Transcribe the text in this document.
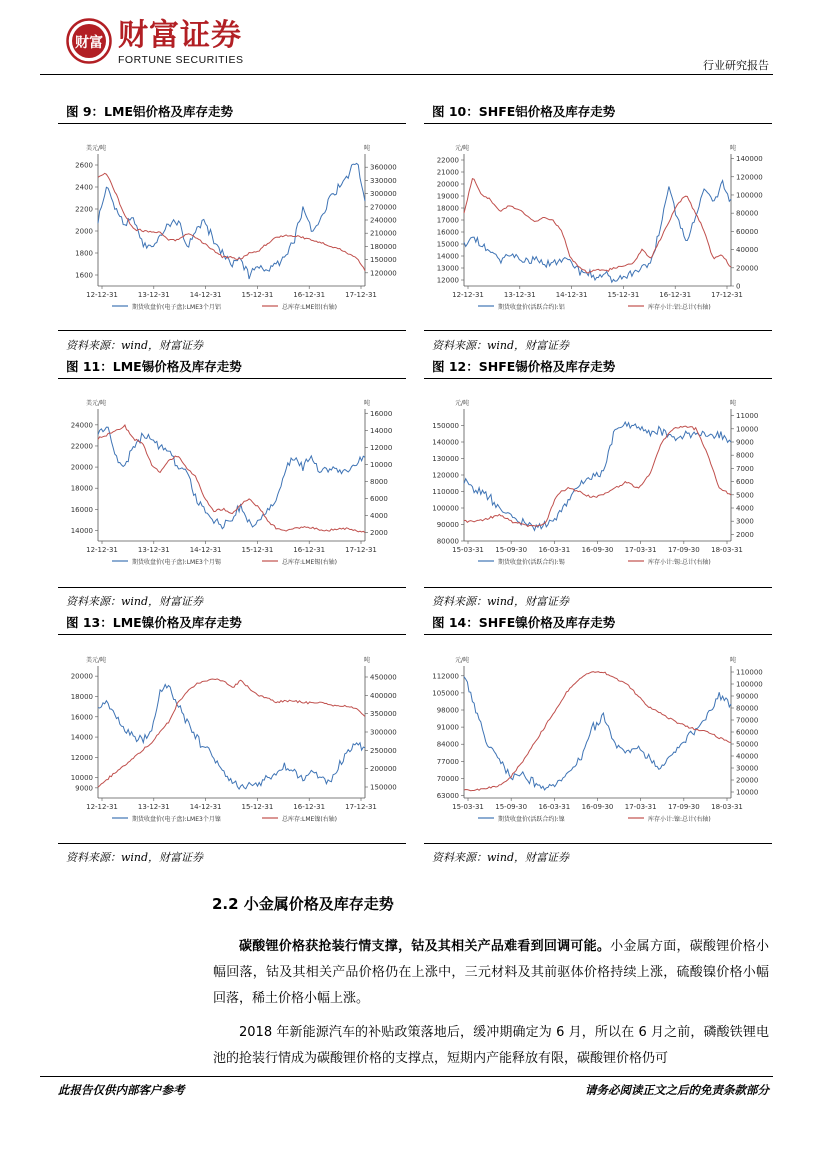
财富 财富证券
FORTUNE SECURITIES	行业研究报告
图 9：LME铝价格及库存走势	图 10：SHFE铝价格及库存走势
资料来源：wind，财富证券	资料来源：wind，财富证券
图 11：LME锡价格及库存走势	图 12：SHFE锡价格及库存走势
资料来源：wind，财富证券	资料来源：wind，财富证券
图 13：LME镍价格及库存走势	图 14：SHFE镍价格及库存走势
资料来源：wind，财富证券	资料来源：wind，财富证券
美元/吨	吨
1600
1800
2000
2200
2400
2600
120000
150000
180000
210000
240000
270000
300000
330000
360000
12-12-31	13-12-31	14-12-31	15-12-31	16-12-31	17-12-31
期货收盘价(电子盘):LME3个月铝	总库存:LME铝(右轴)
元/吨	吨
12000
13000
14000
15000
16000
17000
18000
19000
20000
21000
22000
0
20000
40000
60000
80000
100000
120000
140000
12-12-31	13-12-31	14-12-31	15-12-31	16-12-31	17-12-31
期货收盘价(活跃合约):铝	库存小计:铝:总计(右轴)
美元/吨	吨
14000
16000
18000
20000
22000
24000
2000
4000
6000
8000
10000
12000
14000
16000
12-12-31	13-12-31	14-12-31	15-12-31	16-12-31	17-12-31
期货收盘价(电子盘):LME3个月锡	总库存:LME锡(右轴)
元/吨	吨
80000
90000
100000
110000
120000
130000
140000
150000
2000
3000
4000
5000
6000
7000
8000
9000
10000
11000
15-03-31 15-09-30 16-03-31 16-09-30 17-03-31 17-09-30 18-03-31
期货收盘价(活跃合约):锡	库存小计:锡:总计(右轴)
美元/吨	吨
9000
10000
12000
14000
16000
18000
20000
150000
200000
250000
300000
350000
400000
450000
12-12-31	13-12-31	14-12-31	15-12-31	16-12-31	17-12-31
期货收盘价(电子盘):LME3个月镍	总库存:LME镍(右轴)
元/吨	吨
63000
70000
77000
84000
91000
98000
105000
112000
10000
20000
30000
40000
50000
60000
70000
80000
90000
100000
110000
15-03-31 15-09-30 16-03-31 16-09-30 17-03-31 17-09-30 18-03-31
期货收盘价(活跃合约):镍	库存小计:镍:总计(右轴)
2.2 小金属价格及库存走势
碳酸锂价格获抢装行情支撑，钴及其相关产品难看到回调可能。小金属方面，碳酸锂价格小幅回落，钴及其相关产品价格仍在上涨中，三元材料及其前驱体价格持续上涨，硫酸镍价格小幅回落，稀土价格小幅上涨。
2018 年新能源汽车的补贴政策落地后，缓冲期确定为 6 月，所以在 6 月之前，磷酸铁锂电池的抢装行情成为碳酸锂价格的支撑点，短期内产能释放有限，碳酸锂价格仍可
此报告仅供内部客户参考	请务必阅读正文之后的免责条款部分
